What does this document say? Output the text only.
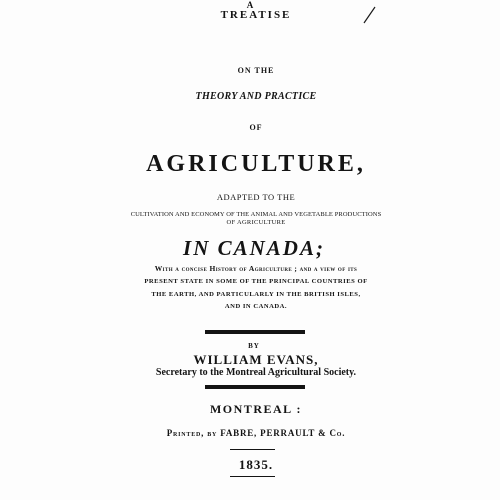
A
TREATISE
ON THE
THEORY AND PRACTICE
OF
AGRICULTURE,
ADAPTED TO THE
CULTIVATION AND ECONOMY OF THE ANIMAL AND VEGETABLE PRODUCTIONS
OF AGRICULTURE
IN CANADA;
With a concise History of Agriculture ; and a view of its
PRESENT STATE IN SOME OF THE PRINCIPAL COUNTRIES OF
THE EARTH, AND PARTICULARLY IN THE BRITISH ISLES,
AND IN CANADA.
BY
WILLIAM EVANS,
Secretary to the Montreal Agricultural Society.
MONTREAL :
Printed, by FABRE, PERRAULT & Co.
1835.
